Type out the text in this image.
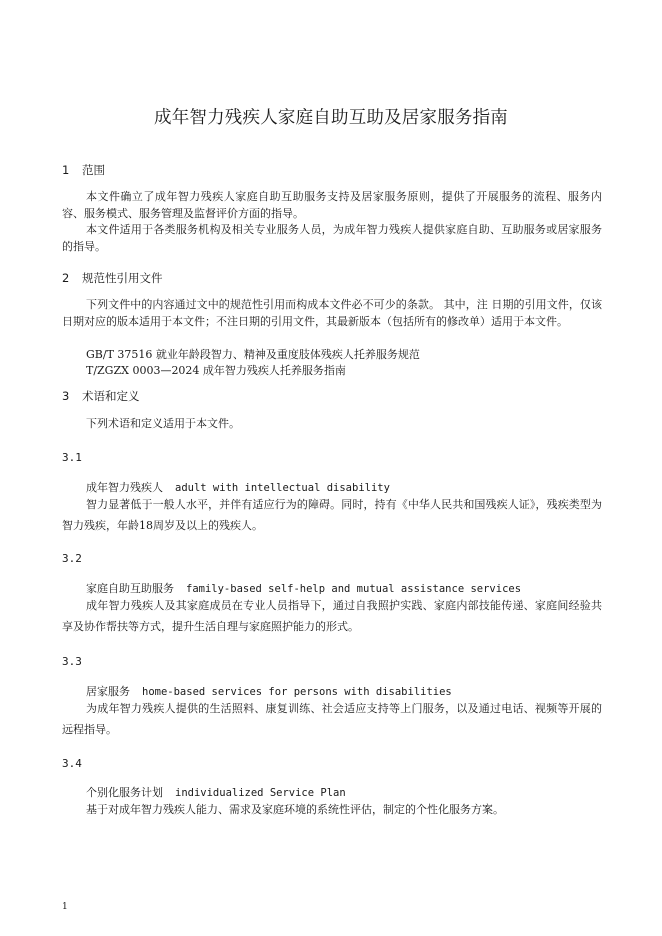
成年智力残疾人家庭自助互助及居家服务指南
1 范围
本文件确立了成年智力残疾人家庭自助互助服务支持及居家服务原则，提供了开展服务的流程、服务内容、服务模式、服务管理及监督评价方面的指导。
本文件适用于各类服务机构及相关专业服务人员，为成年智力残疾人提供家庭自助、互助服务或居家服务的指导。
2 规范性引用文件
下列文件中的内容通过文中的规范性引用而构成本文件必不可少的条款。 其中，注 日期的引用文件，仅该日期对应的版本适用于本文件；不注日期的引用文件，其最新版本（包括所有的修改单）适用于本文件。
GB/T 37516 就业年龄段智力、精神及重度肢体残疾人托养服务规范
T/ZGZX 0003—2024 成年智力残疾人托养服务指南
3 术语和定义
下列术语和定义适用于本文件。
3.1
成年智力残疾人 adult with intellectual disability
智力显著低于一般人水平，并伴有适应行为的障碍。同时，持有《中华人民共和国残疾人证》，残疾类型为智力残疾，年龄18周岁及以上的残疾人。
3.2
家庭自助互助服务 family-based self-help and mutual assistance services
成年智力残疾人及其家庭成员在专业人员指导下，通过自我照护实践、家庭内部技能传递、家庭间经验共享及协作帮扶等方式，提升生活自理与家庭照护能力的形式。
3.3
居家服务 home-based services for persons with disabilities
为成年智力残疾人提供的生活照料、康复训练、社会适应支持等上门服务，以及通过电话、视频等开展的远程指导。
3.4
个别化服务计划 individualized Service Plan
基于对成年智力残疾人能力、需求及家庭环境的系统性评估，制定的个性化服务方案。
1
